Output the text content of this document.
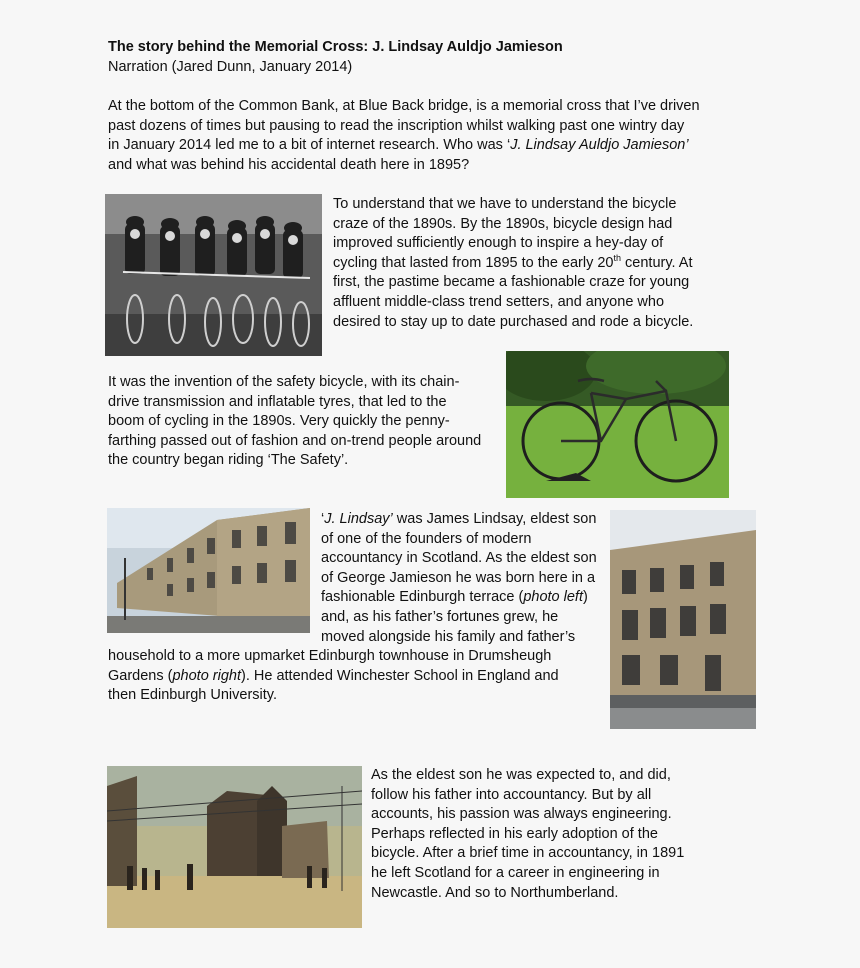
The story behind the Memorial Cross: J. Lindsay Auldjo Jamieson
Narration (Jared Dunn, January 2014)
At the bottom of the Common Bank, at Blue Back bridge, is a memorial cross that I’ve driven
past dozens of times but pausing to read the inscription whilst walking past one wintry day
in January 2014 led me to a bit of internet research. Who was ‘J. Lindsay Auldjo Jamieson’
and what was behind his accidental death here in 1895?
To understand that we have to understand the bicycle
craze of the 1890s. By the 1890s, bicycle design had
improved sufficiently enough to inspire a hey-day of
cycling that lasted from 1895 to the early 20th century. At
first, the pastime became a fashionable craze for young
affluent middle-class trend setters, and anyone who
desired to stay up to date purchased and rode a bicycle.
It was the invention of the safety bicycle, with its chain-
drive transmission and inflatable tyres, that led to the
boom of cycling in the 1890s. Very quickly the penny-
farthing passed out of fashion and on-trend people around
the country began riding ‘The Safety’.
‘J. Lindsay’ was James Lindsay, eldest son
of one of the founders of modern
accountancy in Scotland. As the eldest son
of George Jamieson he was born here in a
fashionable Edinburgh terrace (photo left)
and, as his father’s fortunes grew, he
moved alongside his family and father’s
household to a more upmarket Edinburgh townhouse in Drumsheugh
Gardens (photo right). He attended Winchester School in England and
then Edinburgh University.
As the eldest son he was expected to, and did,
follow his father into accountancy. But by all
accounts, his passion was always engineering.
Perhaps reflected in his early adoption of the
bicycle. After a brief time in accountancy, in 1891
he left Scotland for a career in engineering in
Newcastle. And so to Northumberland.
